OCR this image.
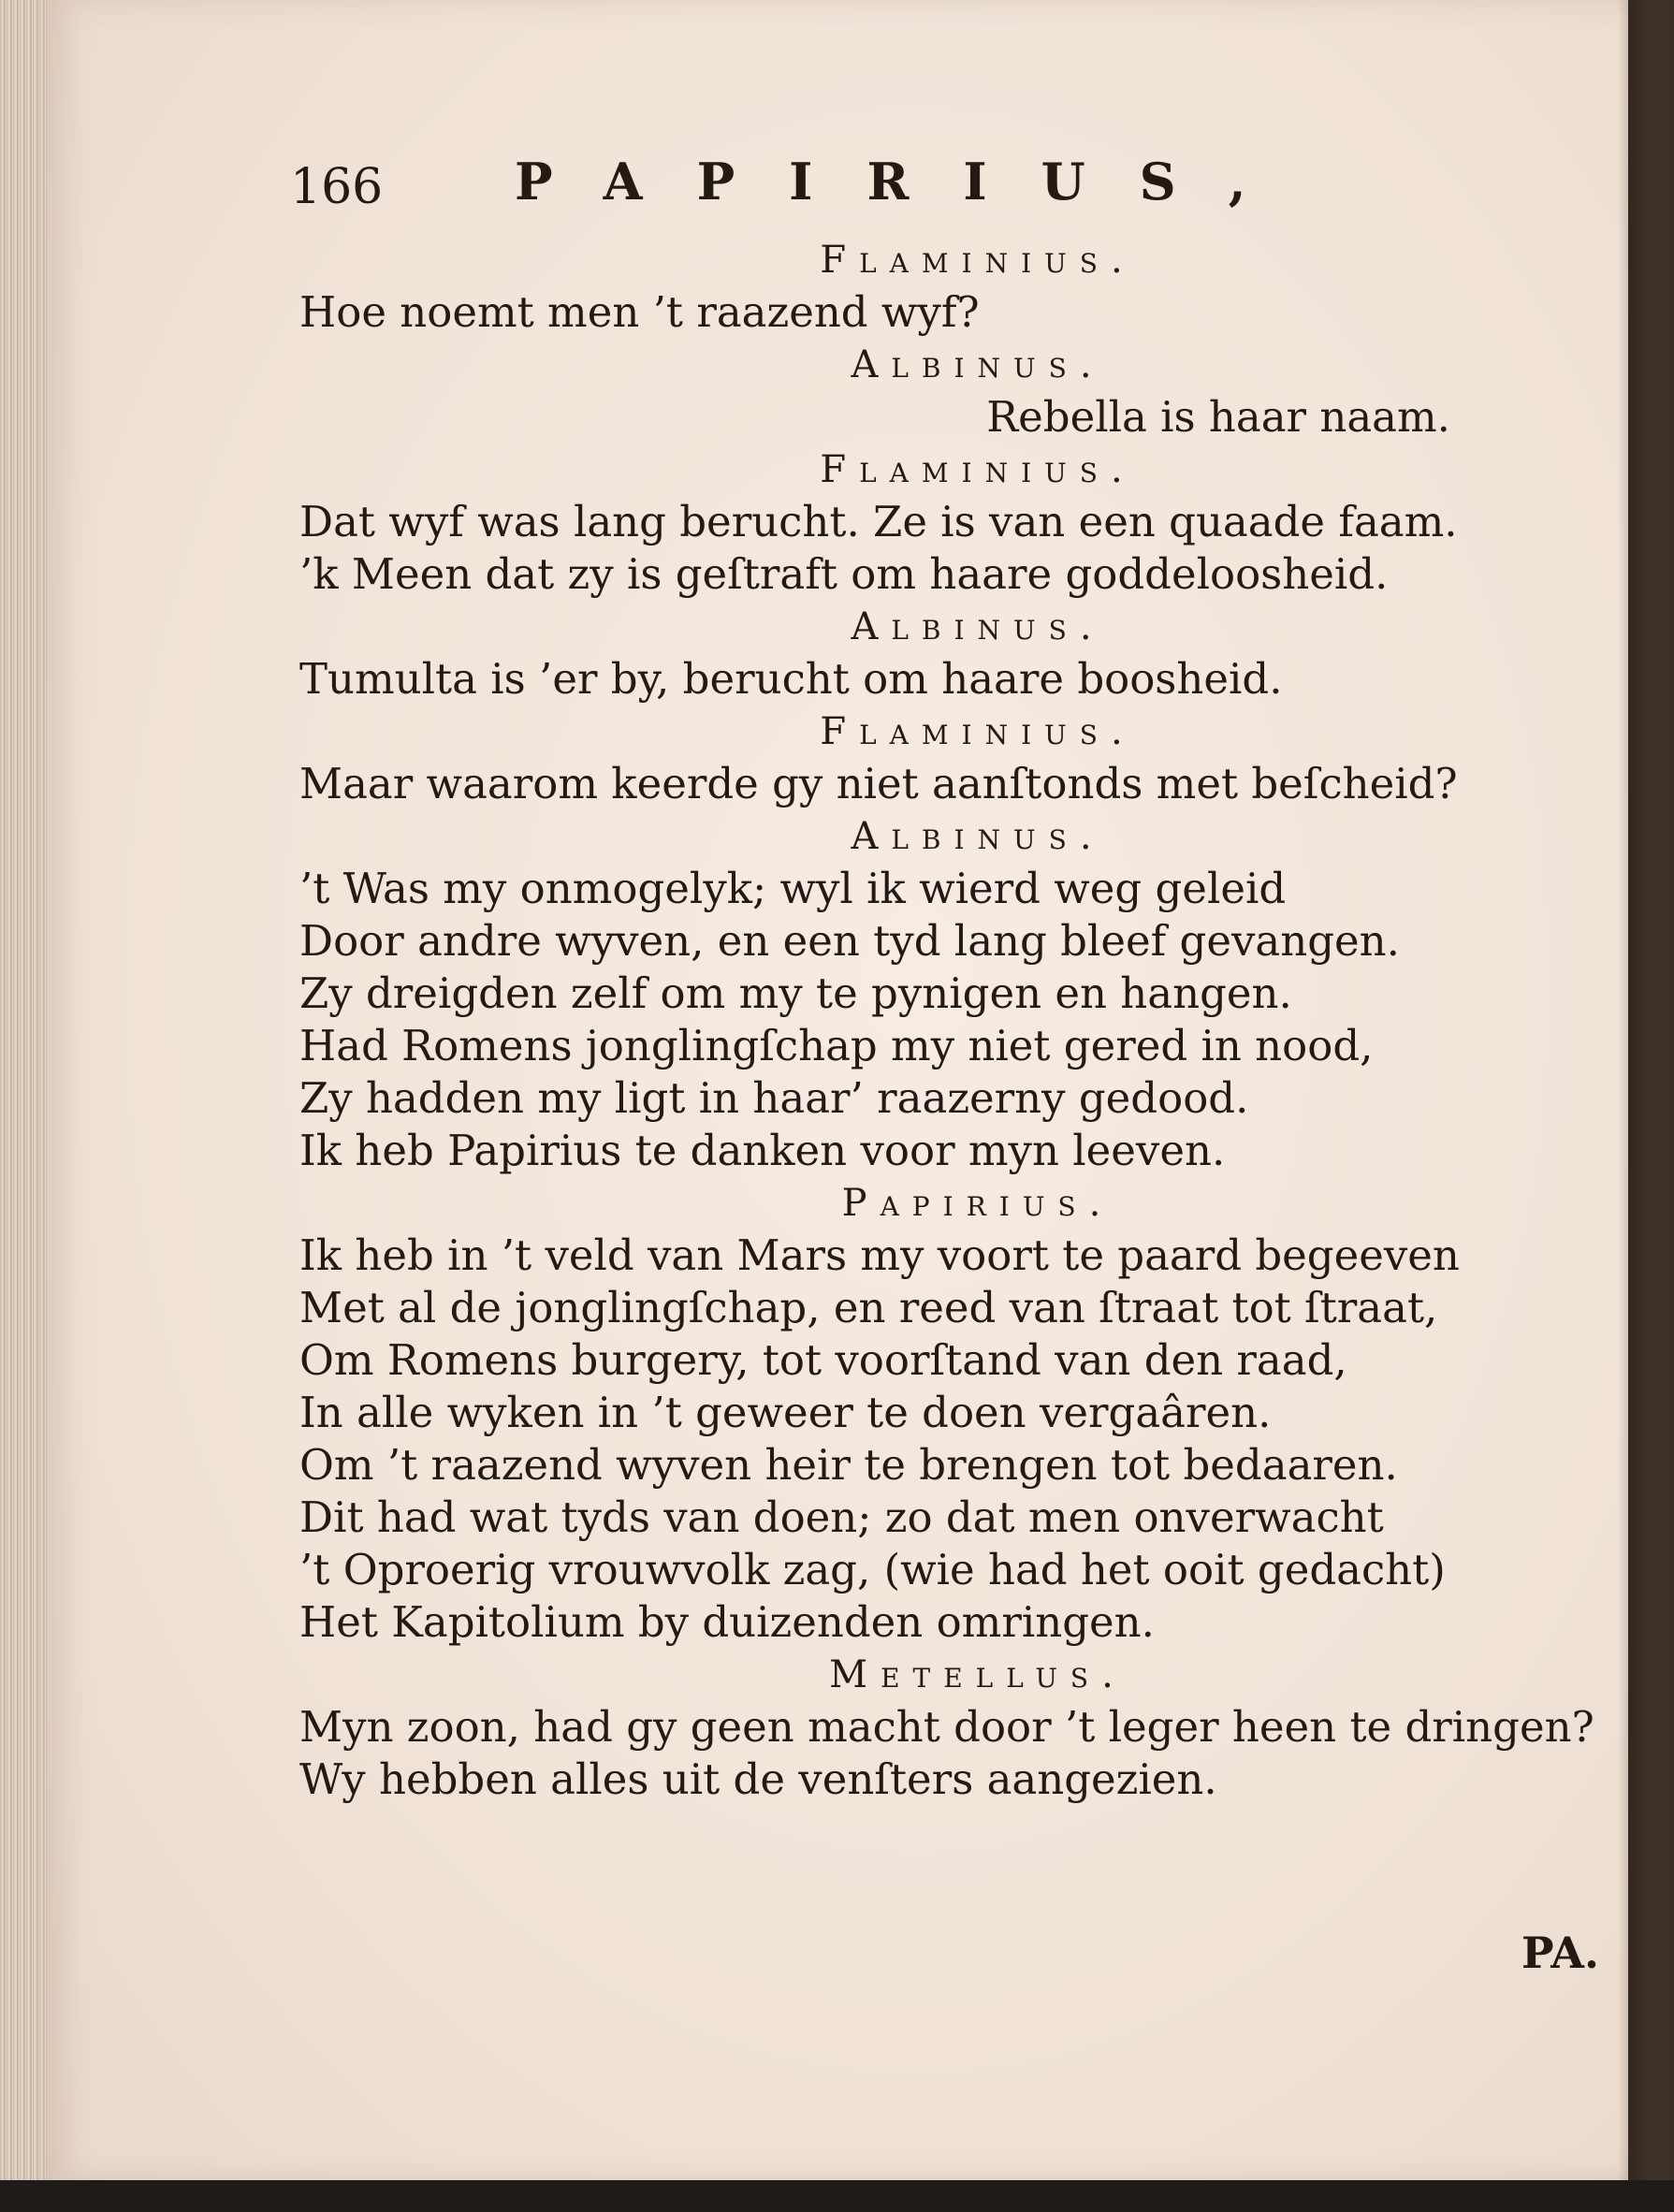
166	PAPIRIUS,
Flaminius.
Hoe noemt men ’t raazend wyf?
Albinus.
Rebella is haar naam.
Flaminius.
Dat wyf was lang berucht. Ze is van een quaade faam.
’k Meen dat zy is geſtraft om haare goddeloosheid.
Albinus.
Tumulta is ’er by, berucht om haare boosheid.
Flaminius.
Maar waarom keerde gy niet aanſtonds met beſcheid?
Albinus.
’t Was my onmogelyk; wyl ik wierd weg geleid
Door andre wyven, en een tyd lang bleef gevangen.
Zy dreigden zelf om my te pynigen en hangen.
Had Romens jonglingſchap my niet gered in nood,
Zy hadden my ligt in haar’ raazerny gedood.
Ik heb Papirius te danken voor myn leeven.
Papirius.
Ik heb in ’t veld van Mars my voort te paard begeeven
Met al de jonglingſchap, en reed van ſtraat tot ſtraat,
Om Romens burgery, tot voorſtand van den raad,
In alle wyken in ’t geweer te doen vergaâren.
Om ’t raazend wyven heir te brengen tot bedaaren.
Dit had wat tyds van doen; zo dat men onverwacht
’t Oproerig vrouwvolk zag, (wie had het ooit gedacht)
Het Kapitolium by duizenden omringen.
Metellus.
Myn zoon, had gy geen macht door ’t leger heen te dringen?
Wy hebben alles uit de venſters aangezien.
PA.
